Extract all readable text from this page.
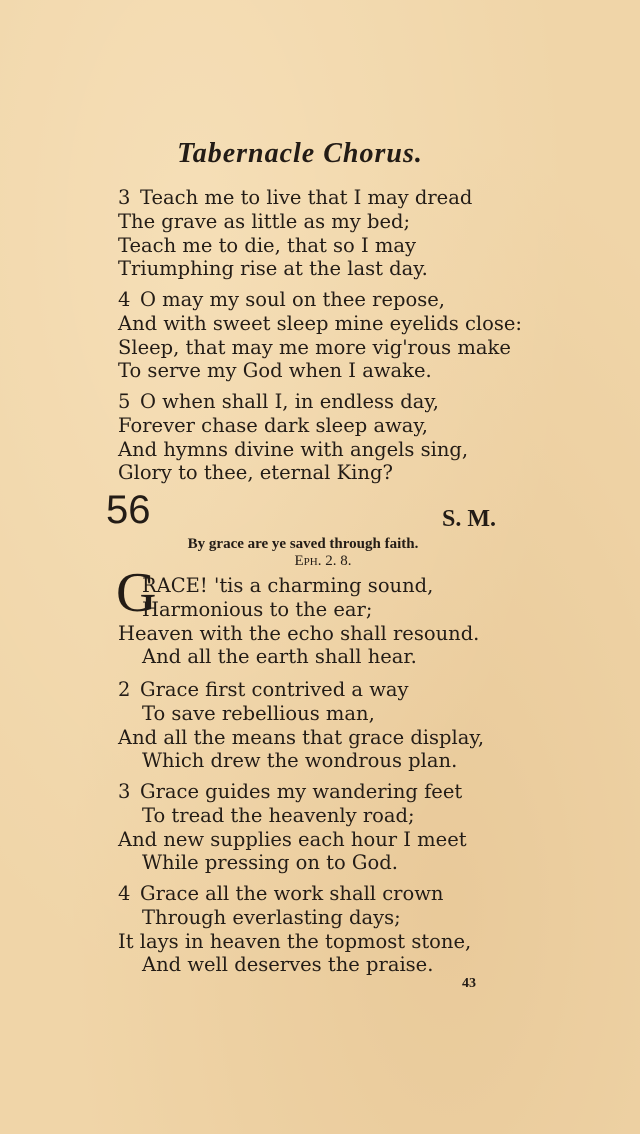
Tabernacle Chorus.
3 Teach me to live that I may dread
The grave as little as my bed;
Teach me to die, that so I may
Triumphing rise at the last day.
4 O may my soul on thee repose,
And with sweet sleep mine eyelids close:
Sleep, that may me more vig'rous make
To serve my God when I awake.
5 O when shall I, in endless day,
Forever chase dark sleep away,
And hymns divine with angels sing,
Glory to thee, eternal King?
56	S. M.
By grace are ye saved through faith.
Eph. 2. 8.
G
RACE! 'tis a charming sound,
Harmonious to the ear;
Heaven with the echo shall resound.
And all the earth shall hear.
2 Grace first contrived a way
To save rebellious man,
And all the means that grace display,
Which drew the wondrous plan.
3 Grace guides my wandering feet
To tread the heavenly road;
And new supplies each hour I meet
While pressing on to God.
4 Grace all the work shall crown
Through everlasting days;
It lays in heaven the topmost stone,
And well deserves the praise.
43
